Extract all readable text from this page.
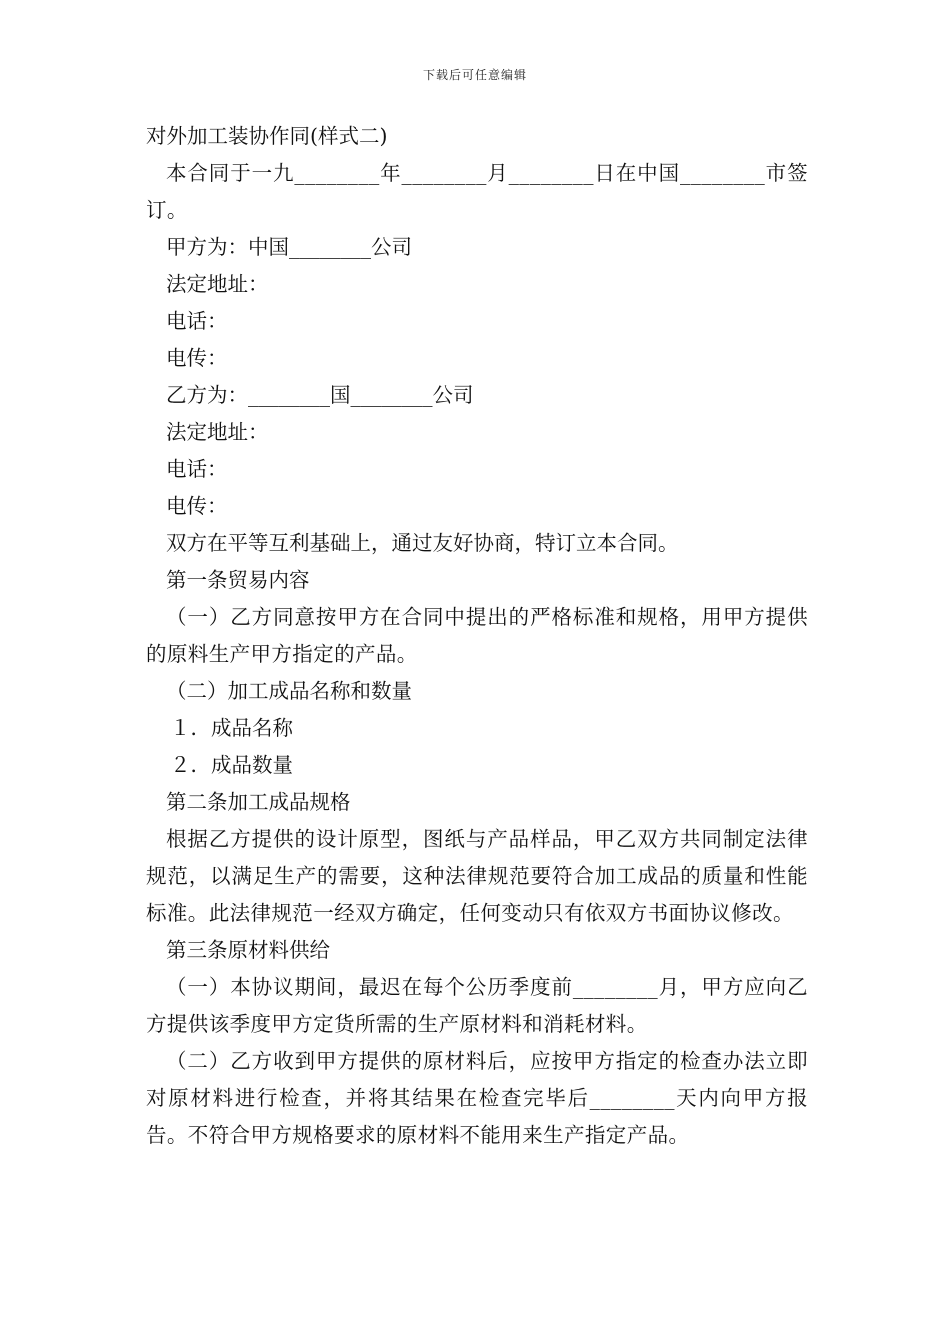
下载后可任意编辑
对外加工装协作同(样式二)
本合同于一九________年________月________日在中国________市签订。
甲方为：中国________公司
法定地址：
电话：
电传：
乙方为：________国________公司
法定地址：
电话：
电传：
双方在平等互利基础上，通过友好协商，特订立本合同。
第一条贸易内容
（一）乙方同意按甲方在合同中提出的严格标准和规格，用甲方提供的原料生产甲方指定的产品。
（二）加工成品名称和数量
１．成品名称
２．成品数量
第二条加工成品规格
根据乙方提供的设计原型，图纸与产品样品，甲乙双方共同制定法律规范，以满足生产的需要，这种法律规范要符合加工成品的质量和性能标准。此法律规范一经双方确定，任何变动只有依双方书面协议修改。
第三条原材料供给
（一）本协议期间，最迟在每个公历季度前________月，甲方应向乙方提供该季度甲方定货所需的生产原材料和消耗材料。
（二）乙方收到甲方提供的原材料后，应按甲方指定的检查办法立即对原材料进行检查，并将其结果在检查完毕后________天内向甲方报告。不符合甲方规格要求的原材料不能用来生产指定产品。
